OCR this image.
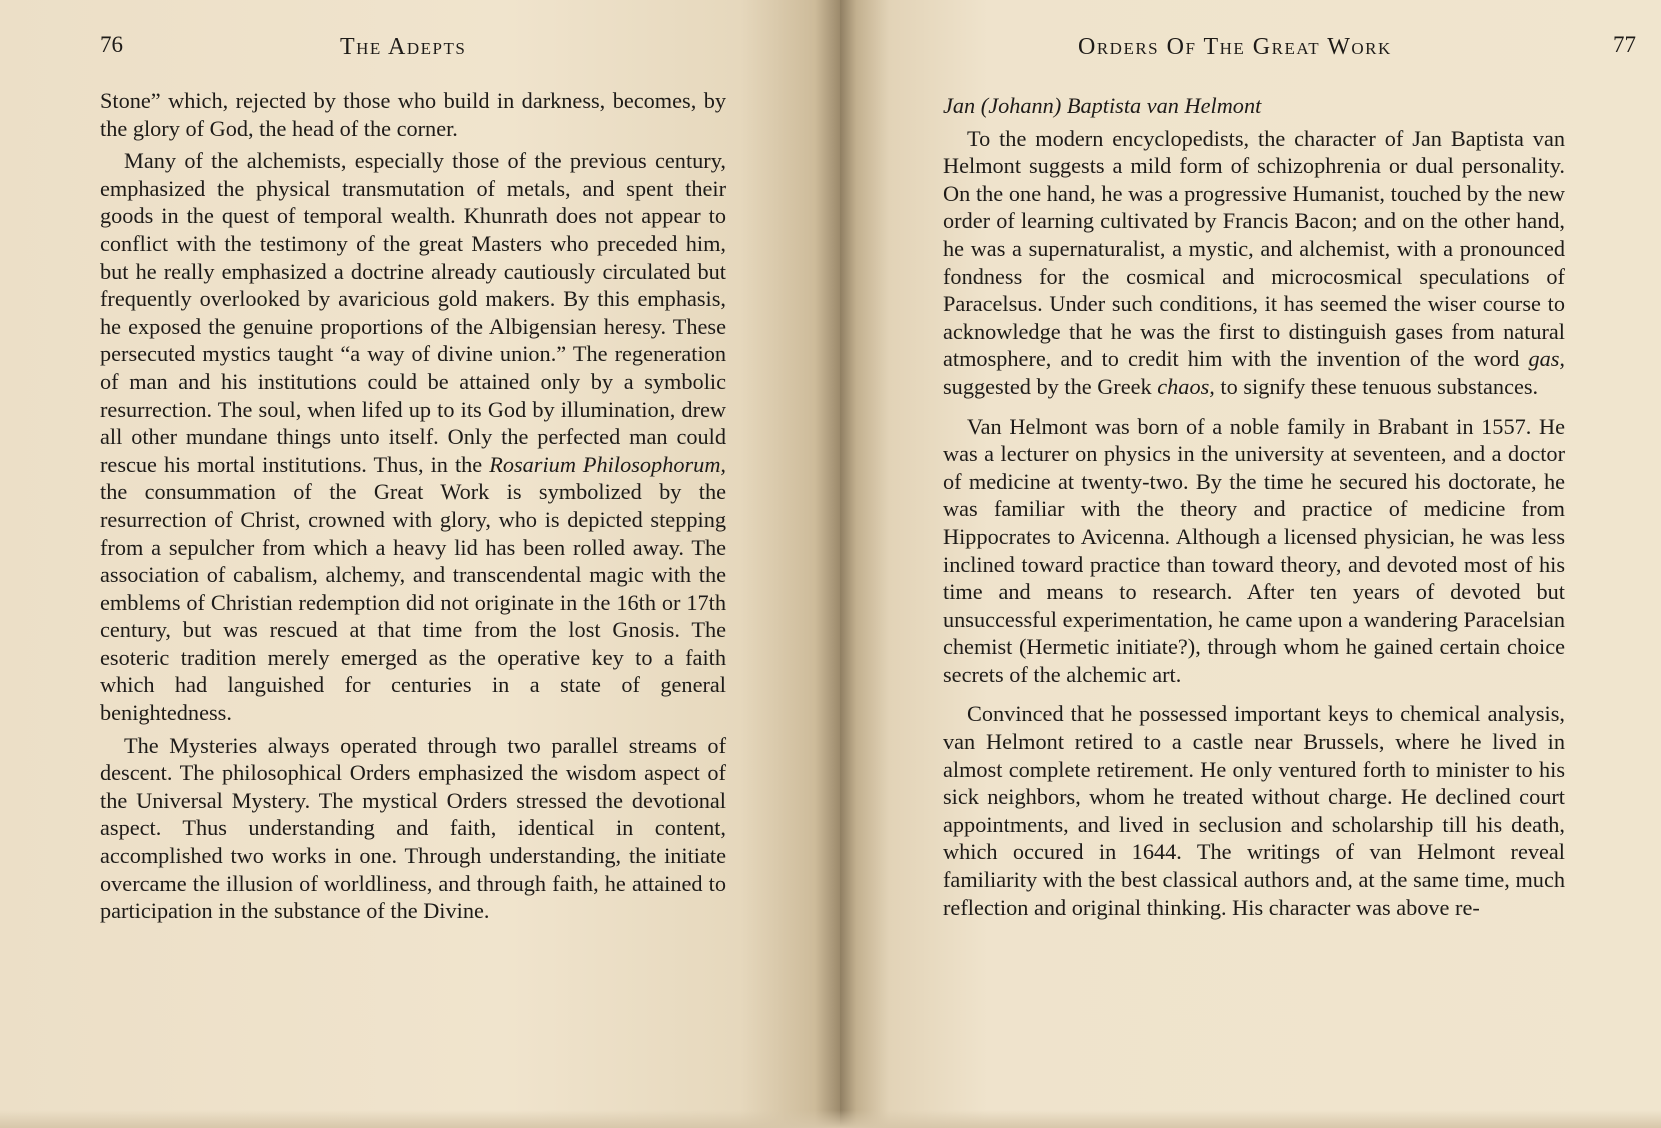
76	The Adepts

Stone” which, rejected by those who build in darkness, becomes, by the glory of God, the head of the corner.

Many of the alchemists, especially those of the previous century, emphasized the physical transmutation of metals, and spent their goods in the quest of temporal wealth. Khunrath does not appear to conflict with the testimony of the great Masters who preceded him, but he really emphasized a doctrine already cautiously circulated but frequently overlooked by avaricious gold makers. By this emphasis, he exposed the genuine proportions of the Albigensian heresy. These persecuted mystics taught “a way of divine union.” The regeneration of man and his institutions could be attained only by a symbolic resurrection. The soul, when lifed up to its God by illumination, drew all other mundane things unto itself. Only the perfected man could rescue his mortal institutions. Thus, in the Rosarium Philosophorum, the consummation of the Great Work is symbolized by the resurrection of Christ, crowned with glory, who is depicted stepping from a sepulcher from which a heavy lid has been rolled away. The association of cabalism, alchemy, and transcendental magic with the emblems of Christian redemption did not originate in the 16th or 17th century, but was rescued at that time from the lost Gnosis. The esoteric tradition merely emerged as the operative key to a faith which had languished for centuries in a state of general benightedness.

The Mysteries always operated through two parallel streams of descent. The philosophical Orders emphasized the wisdom aspect of the Universal Mystery. The mystical Orders stressed the devotional aspect. Thus understanding and faith, identical in content, accomplished two works in one. Through understanding, the initiate overcame the illusion of worldliness, and through faith, he attained to participation in the substance of the Divine.

Orders Of The Great Work	77

Jan (Johann) Baptista van Helmont

To the modern encyclopedists, the character of Jan Baptista van Helmont suggests a mild form of schizophrenia or dual personality. On the one hand, he was a progressive Humanist, touched by the new order of learning cultivated by Francis Bacon; and on the other hand, he was a supernaturalist, a mystic, and alchemist, with a pronounced fondness for the cosmical and microcosmical speculations of Paracelsus. Under such conditions, it has seemed the wiser course to acknowledge that he was the first to distinguish gases from natural atmosphere, and to credit him with the invention of the word gas, suggested by the Greek chaos, to signify these tenuous substances.

Van Helmont was born of a noble family in Brabant in 1557. He was a lecturer on physics in the university at seventeen, and a doctor of medicine at twenty-two. By the time he secured his doctorate, he was familiar with the theory and practice of medicine from Hippocrates to Avicenna. Although a licensed physician, he was less inclined toward practice than toward theory, and devoted most of his time and means to research. After ten years of devoted but unsuccessful experimentation, he came upon a wandering Paracelsian chemist (Hermetic initiate?), through whom he gained certain choice secrets of the alchemic art.

Convinced that he possessed important keys to chemical analysis, van Helmont retired to a castle near Brussels, where he lived in almost complete retirement. He only ventured forth to minister to his sick neighbors, whom he treated without charge. He declined court appointments, and lived in seclusion and scholarship till his death, which occured in 1644. The writings of van Helmont reveal familiarity with the best classical authors and, at the same time, much reflection and original thinking. His character was above re-
